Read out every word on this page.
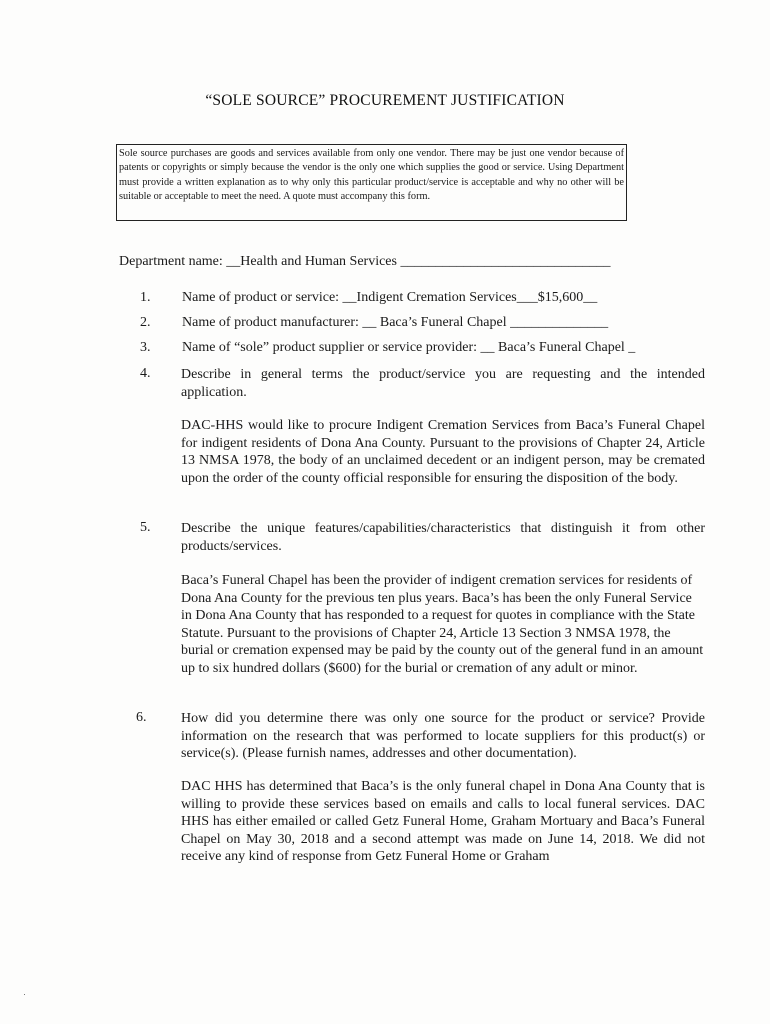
“SOLE SOURCE” PROCUREMENT JUSTIFICATION
Sole source purchases are goods and services available from only one vendor. There may be just one vendor because of patents or copyrights or simply because the vendor is the only one which supplies the good or service. Using Department must provide a written explanation as to why only this particular product/service is acceptable and why no other will be suitable or acceptable to meet the need. A quote must accompany this form.
Department name: __Health and Human Services ______________________________
1. Name of product or service: __Indigent Cremation Services___$15,600__
2. Name of product manufacturer: __ Baca’s Funeral Chapel ______________
3. Name of “sole” product supplier or service provider: __ Baca’s Funeral Chapel _
4. Describe in general terms the product/service you are requesting and the intended application.
DAC-HHS would like to procure Indigent Cremation Services from Baca’s Funeral Chapel for indigent residents of Dona Ana County. Pursuant to the provisions of Chapter 24, Article 13 NMSA 1978, the body of an unclaimed decedent or an indigent person, may be cremated upon the order of the county official responsible for ensuring the disposition of the body.
5. Describe the unique features/capabilities/characteristics that distinguish it from other products/services.
Baca’s Funeral Chapel has been the provider of indigent cremation services for residents of Dona Ana County for the previous ten plus years. Baca’s has been the only Funeral Service in Dona Ana County that has responded to a request for quotes in compliance with the State Statute. Pursuant to the provisions of Chapter 24, Article 13 Section 3 NMSA 1978, the burial or cremation expensed may be paid by the county out of the general fund in an amount up to six hundred dollars ($600) for the burial or cremation of any adult or minor.
6. How did you determine there was only one source for the product or service? Provide information on the research that was performed to locate suppliers for this product(s) or service(s). (Please furnish names, addresses and other documentation).
DAC HHS has determined that Baca’s is the only funeral chapel in Dona Ana County that is willing to provide these services based on emails and calls to local funeral services. DAC HHS has either emailed or called Getz Funeral Home, Graham Mortuary and Baca’s Funeral Chapel on May 30, 2018 and a second attempt was made on June 14, 2018. We did not receive any kind of response from Getz Funeral Home or Graham
